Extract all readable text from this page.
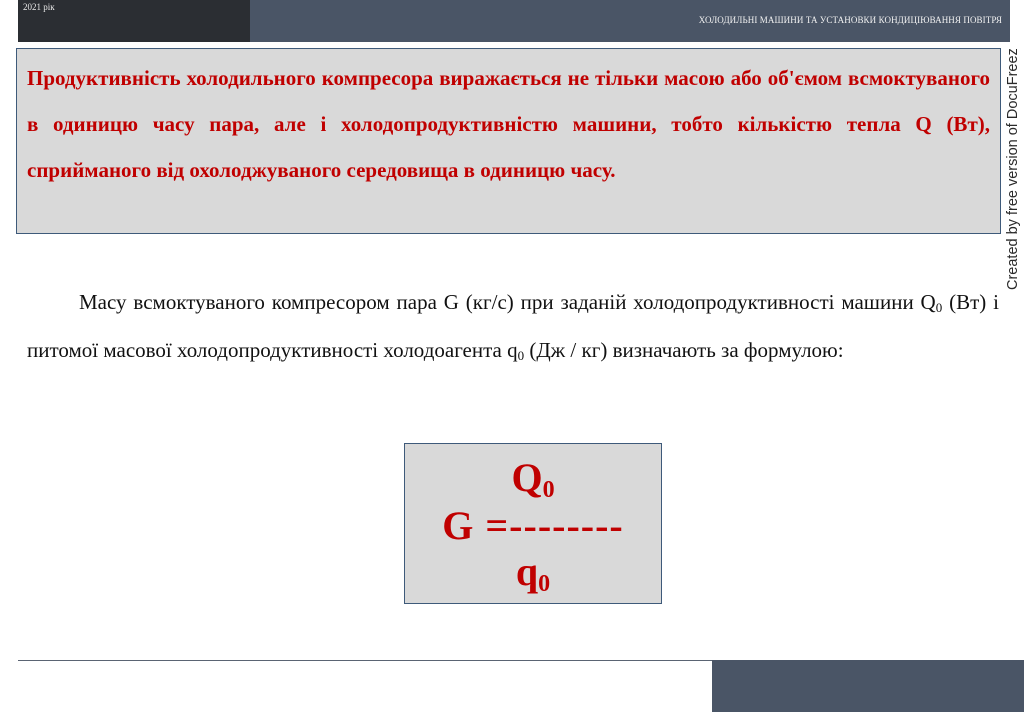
2021 рік
ХОЛОДИЛЬНІ МАШИНИ ТА УСТАНОВКИ КОНДИЦІЮВАННЯ ПОВІТРЯ
Created by free version of DocuFreez

Продуктивність холодильного компресора виражається не тільки масою або об'ємом всмоктуваного в одиницю часу пара, але і холодопродуктивністю машини, тобто кількістю тепла Q (Вт), сприйманого від охолоджуваного середовища в одиницю часу.

Масу всмоктуваного компресором пара G (кг/с) при заданій холодопродуктивності машини $Q_0$ (Вт) і питомої масової холодопродуктивності холодоагента $q_0$ (Дж / кг) визначають за формулою:

$Q_0$
G =--------
$q_0$
